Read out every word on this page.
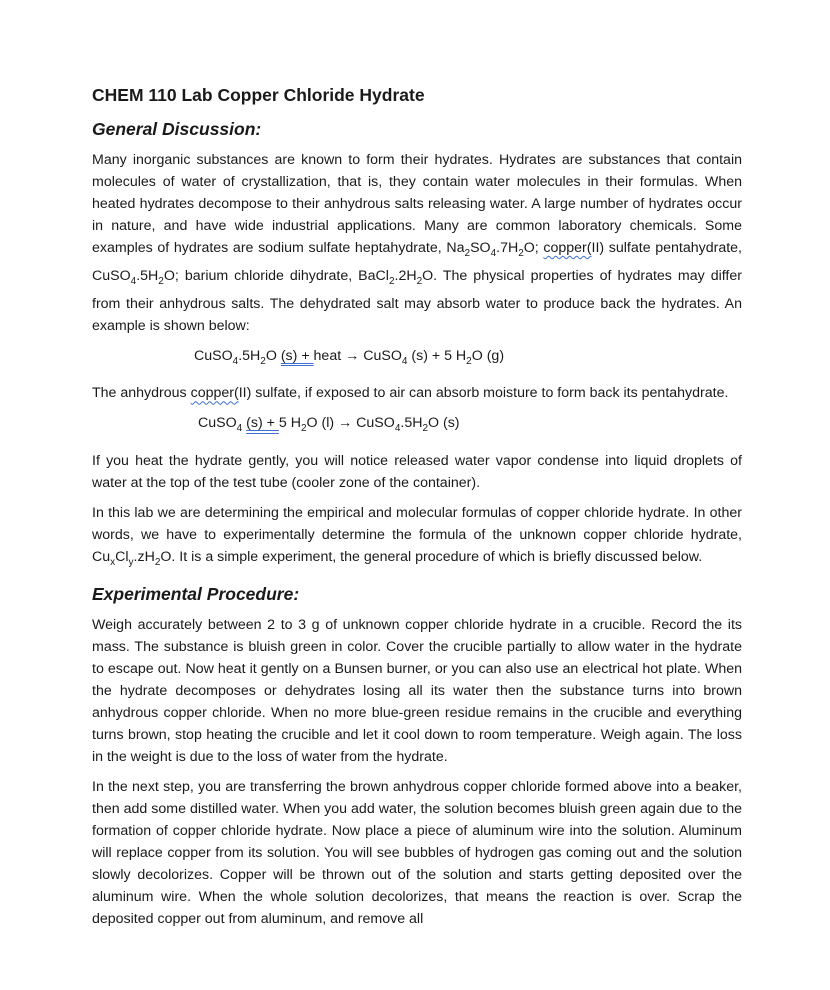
CHEM 110 Lab Copper Chloride Hydrate
General Discussion:

Many inorganic substances are known to form their hydrates. Hydrates are substances that contain molecules of water of crystallization, that is, they contain water molecules in their formulas. When heated hydrates decompose to their anhydrous salts releasing water. A large number of hydrates occur in nature, and have wide industrial applications. Many are common laboratory chemicals. Some examples of hydrates are sodium sulfate heptahydrate, $Na_2SO_4.7H_2O$; copper(II) sulfate pentahydrate, $CuSO_4.5H_2O$; barium chloride dihydrate, $BaCl_2.2H_2O$. The physical properties of hydrates may differ from their anhydrous salts. The dehydrated salt may absorb water to produce back the hydrates. An example is shown below:

$CuSO_4.5H_2O$ (s) + heat → CuSO$_4$ (s) + 5 $H_2O$ (g)

The anhydrous copper(II) sulfate, if exposed to air can absorb moisture to form back its pentahydrate.

CuSO$_4$ (s) + 5 $H_2O$ $(l) \to CuSO_4.5H_2O$ (s)

If you heat the hydrate gently, you will notice released water vapor condense into liquid droplets of water at the top of the test tube (cooler zone of the container).

In this lab we are determining the empirical and molecular formulas of copper chloride hydrate. In other words, we have to experimentally determine the formula of the unknown copper chloride hydrate, $Cu_xCl_y.zH_2O$. It is a simple experiment, the general procedure of which is briefly discussed below.

Experimental Procedure:

Weigh accurately between 2 to 3 g of unknown copper chloride hydrate in a crucible. Record the its mass. The substance is bluish green in color. Cover the crucible partially to allow water in the hydrate to escape out. Now heat it gently on a Bunsen burner, or you can also use an electrical hot plate. When the hydrate decomposes or dehydrates losing all its water then the substance turns into brown anhydrous copper chloride. When no more blue-green residue remains in the crucible and everything turns brown, stop heating the crucible and let it cool down to room temperature. Weigh again. The loss in the weight is due to the loss of water from the hydrate.

In the next step, you are transferring the brown anhydrous copper chloride formed above into a beaker, then add some distilled water. When you add water, the solution becomes bluish green again due to the formation of copper chloride hydrate. Now place a piece of aluminum wire into the solution. Aluminum will replace copper from its solution. You will see bubbles of hydrogen gas coming out and the solution slowly decolorizes. Copper will be thrown out of the solution and starts getting deposited over the aluminum wire. When the whole solution decolorizes, that means the reaction is over. Scrap the deposited copper out from aluminum, and remove all
